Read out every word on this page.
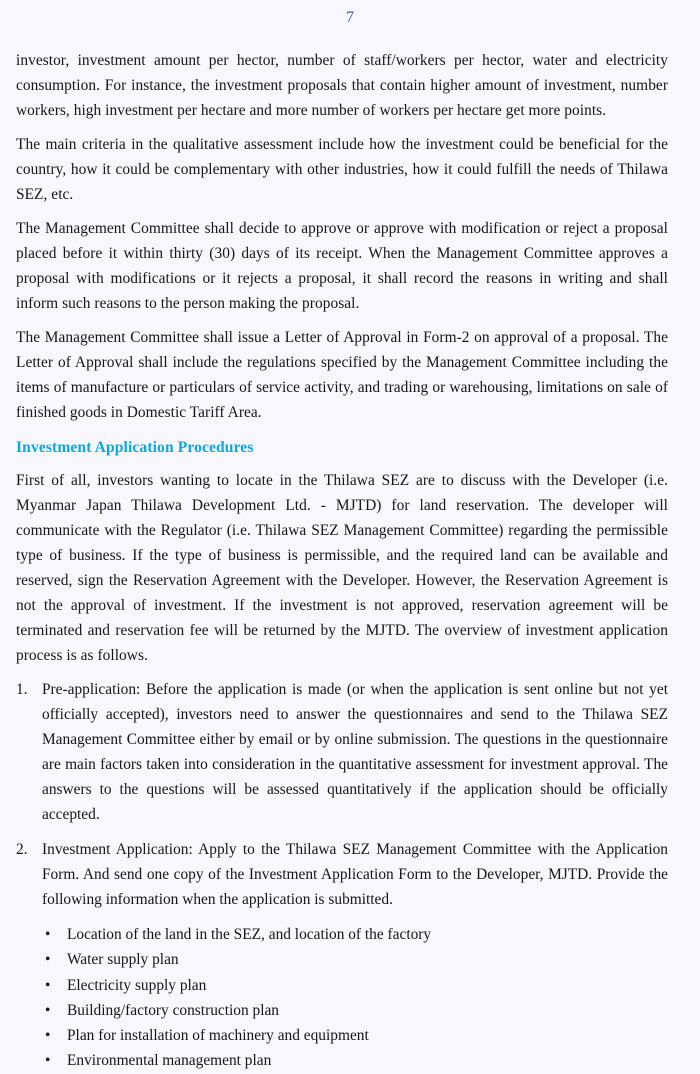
7

investor, investment amount per hector, number of staff/workers per hector, water and electricity consumption. For instance, the investment proposals that contain higher amount of investment, number workers, high investment per hectare and more number of workers per hectare get more points.

The main criteria in the qualitative assessment include how the investment could be beneficial for the country, how it could be complementary with other industries, how it could fulfill the needs of Thilawa SEZ, etc.

The Management Committee shall decide to approve or approve with modification or reject a proposal placed before it within thirty (30) days of its receipt. When the Management Committee approves a proposal with modifications or it rejects a proposal, it shall record the reasons in writing and shall inform such reasons to the person making the proposal.

The Management Committee shall issue a Letter of Approval in Form-2 on approval of a proposal. The Letter of Approval shall include the regulations specified by the Management Committee including the items of manufacture or particulars of service activity, and trading or warehousing, limitations on sale of finished goods in Domestic Tariff Area.

Investment Application Procedures

First of all, investors wanting to locate in the Thilawa SEZ are to discuss with the Developer (i.e. Myanmar Japan Thilawa Development Ltd. - MJTD) for land reservation. The developer will communicate with the Regulator (i.e. Thilawa SEZ Management Committee) regarding the permissible type of business. If the type of business is permissible, and the required land can be available and reserved, sign the Reservation Agreement with the Developer. However, the Reservation Agreement is not the approval of investment. If the investment is not approved, reservation agreement will be terminated and reservation fee will be returned by the MJTD. The overview of investment application process is as follows.

1. Pre-application: Before the application is made (or when the application is sent online but not yet officially accepted), investors need to answer the questionnaires and send to the Thilawa SEZ Management Committee either by email or by online submission. The questions in the questionnaire are main factors taken into consideration in the quantitative assessment for investment approval. The answers to the questions will be assessed quantitatively if the application should be officially accepted.
2. Investment Application: Apply to the Thilawa SEZ Management Committee with the Application Form. And send one copy of the Investment Application Form to the Developer, MJTD. Provide the following information when the application is submitted.
• Location of the land in the SEZ, and location of the factory
• Water supply plan
• Electricity supply plan
• Building/factory construction plan
• Plan for installation of machinery and equipment
• Environmental management plan
